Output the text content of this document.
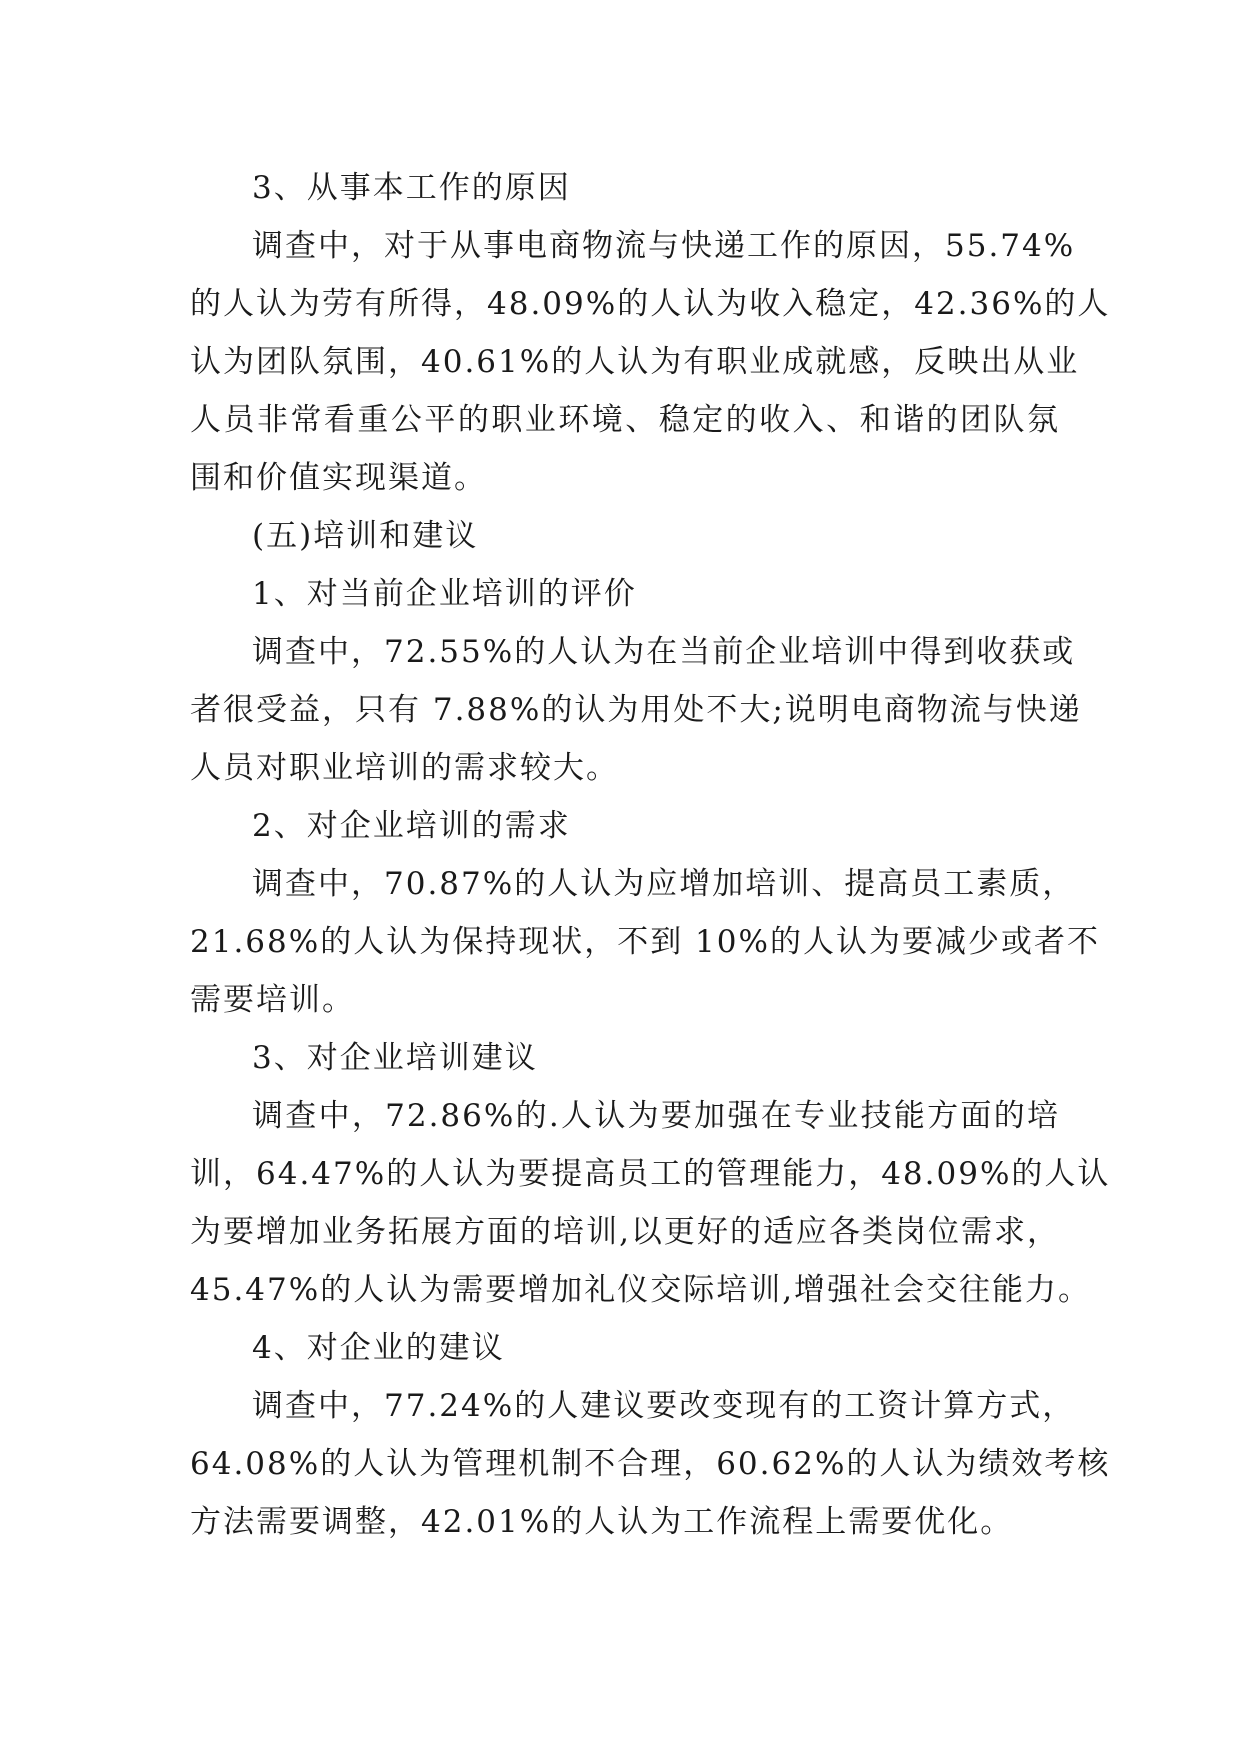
3、从事本工作的原因

调查中，对于从事电商物流与快递工作的原因，55.74%

的人认为劳有所得，48.09%的人认为收入稳定，42.36%的人

认为团队氛围，40.61%的人认为有职业成就感，反映出从业

人员非常看重公平的职业环境、稳定的收入、和谐的团队氛

围和价值实现渠道。

(五)培训和建议

1、对当前企业培训的评价

调查中，72.55%的人认为在当前企业培训中得到收获或

者很受益，只有 7.88%的认为用处不大;说明电商物流与快递

人员对职业培训的需求较大。

2、对企业培训的需求

调查中，70.87%的人认为应增加培训、提高员工素质，

21.68%的人认为保持现状，不到 10%的人认为要减少或者不

需要培训。

3、对企业培训建议

调查中，72.86%的.人认为要加强在专业技能方面的培

训，64.47%的人认为要提高员工的管理能力，48.09%的人认

为要增加业务拓展方面的培训,以更好的适应各类岗位需求，

45.47%的人认为需要增加礼仪交际培训,增强社会交往能力。

4、对企业的建议

调查中，77.24%的人建议要改变现有的工资计算方式，

64.08%的人认为管理机制不合理，60.62%的人认为绩效考核

方法需要调整，42.01%的人认为工作流程上需要优化。
